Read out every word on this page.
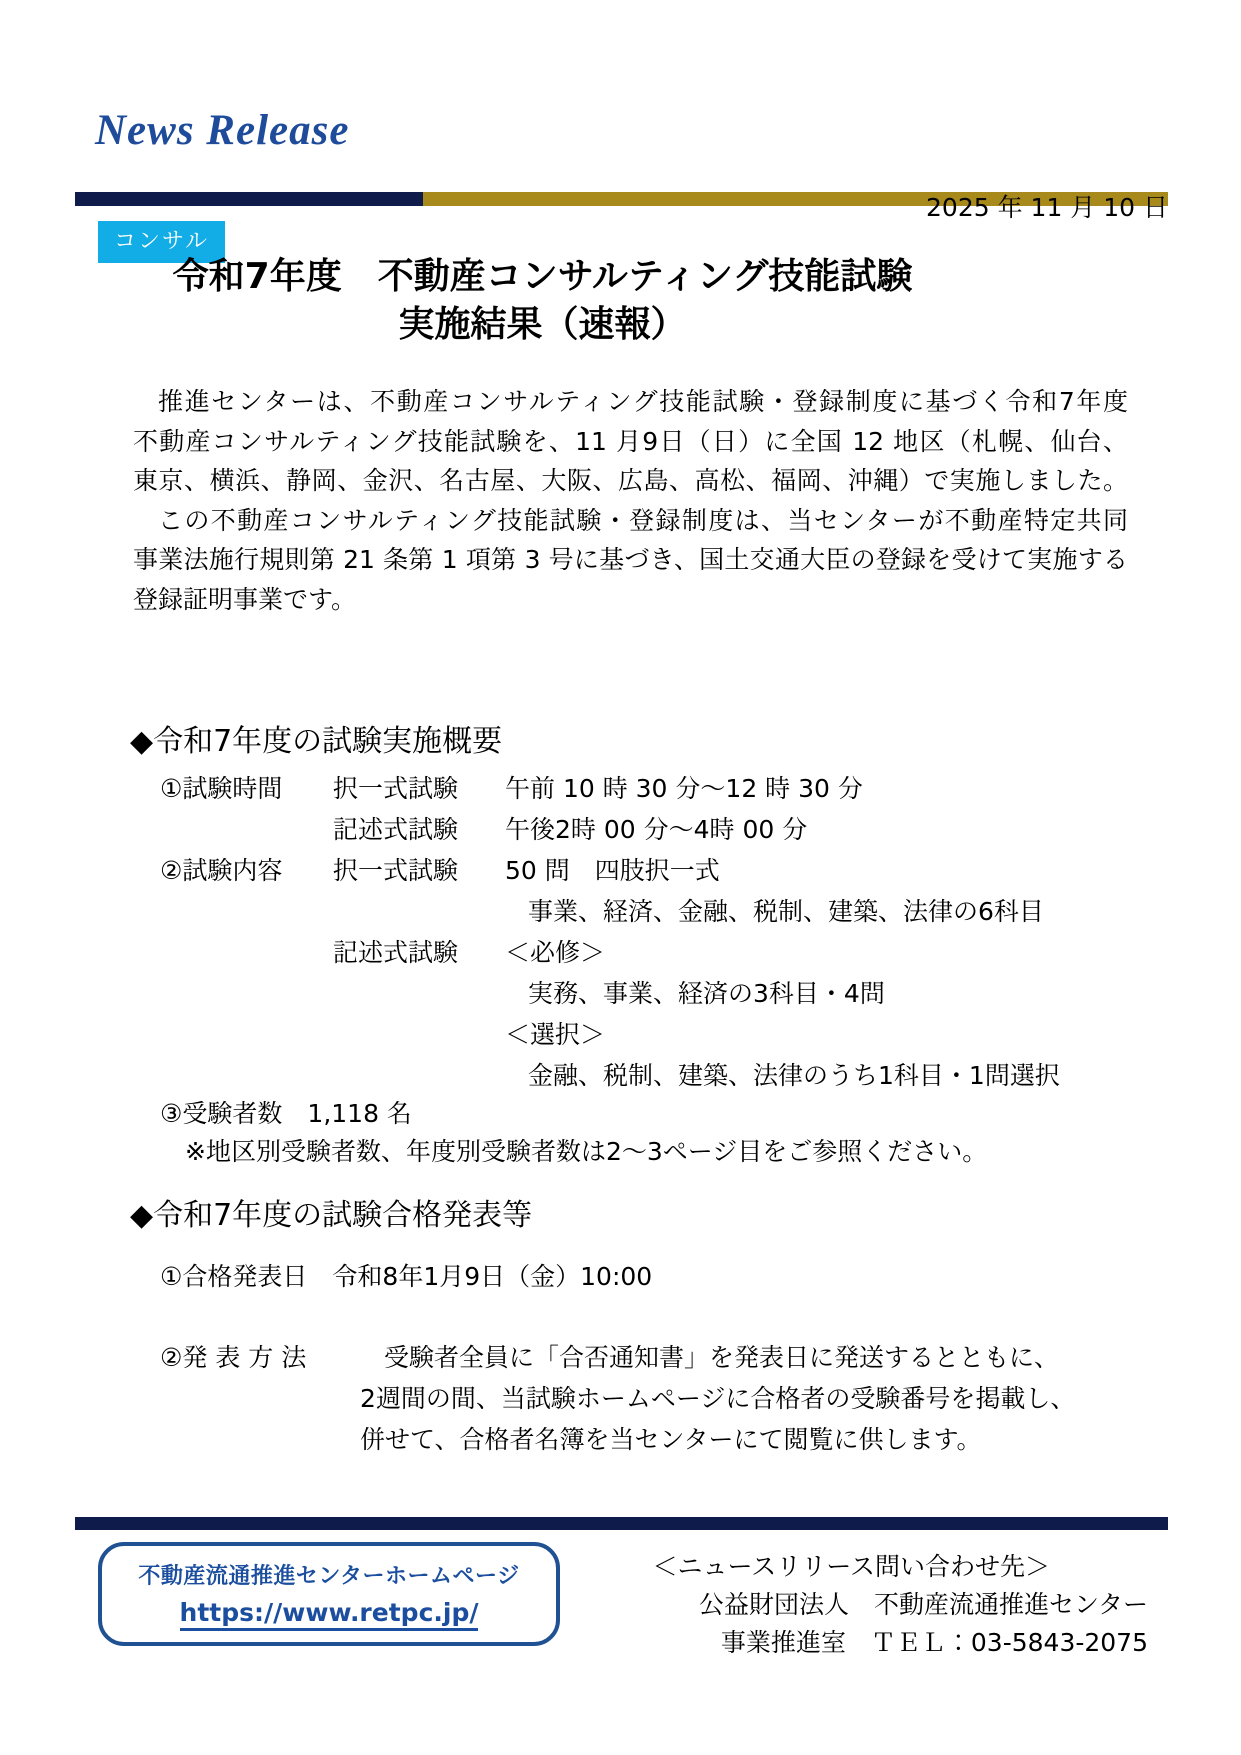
News Release
2025 年 11 月 10 日
コンサル
令和7年度　不動産コンサルティング技能試験
実施結果（速報）
推進センターは、不動産コンサルティング技能試験・登録制度に基づく令和7年度
不動産コンサルティング技能試験を、11 月9日（日）に全国 12 地区（札幌、仙台、
東京、横浜、静岡、金沢、名古屋、大阪、広島、高松、福岡、沖縄）で実施しました。
この不動産コンサルティング技能試験・登録制度は、当センターが不動産特定共同
事業法施行規則第 21 条第 1 項第 3 号に基づき、国土交通大臣の登録を受けて実施する
登録証明事業です。
◆令和7年度の試験実施概要
①試験時間 択一式試験 午前 10 時 30 分～12 時 30 分
記述式試験 午後2時 00 分～4時 00 分
②試験内容 択一式試験 50 問　四肢択一式
事業、経済、金融、税制、建築、法律の6科目
記述式試験 ＜必修＞
実務、事業、経済の3科目・4問
＜選択＞
金融、税制、建築、法律のうち1科目・1問選択
③受験者数　1,118 名
※地区別受験者数、年度別受験者数は2～3ページ目をご参照ください。
◆令和7年度の試験合格発表等
①合格発表日　令和8年1月9日（金）10:00
②発 表 方 法	受験者全員に「合否通知書」を発表日に発送するとともに、
2週間の間、当試験ホームページに合格者の受験番号を掲載し、
併せて、合格者名簿を当センターにて閲覧に供します。
不動産流通推進センターホームページ
https://www.retpc.jp/
＜ニュースリリース問い合わせ先＞
公益財団法人　不動産流通推進センター
事業推進室　ＴＥＬ：03-5843-2075
